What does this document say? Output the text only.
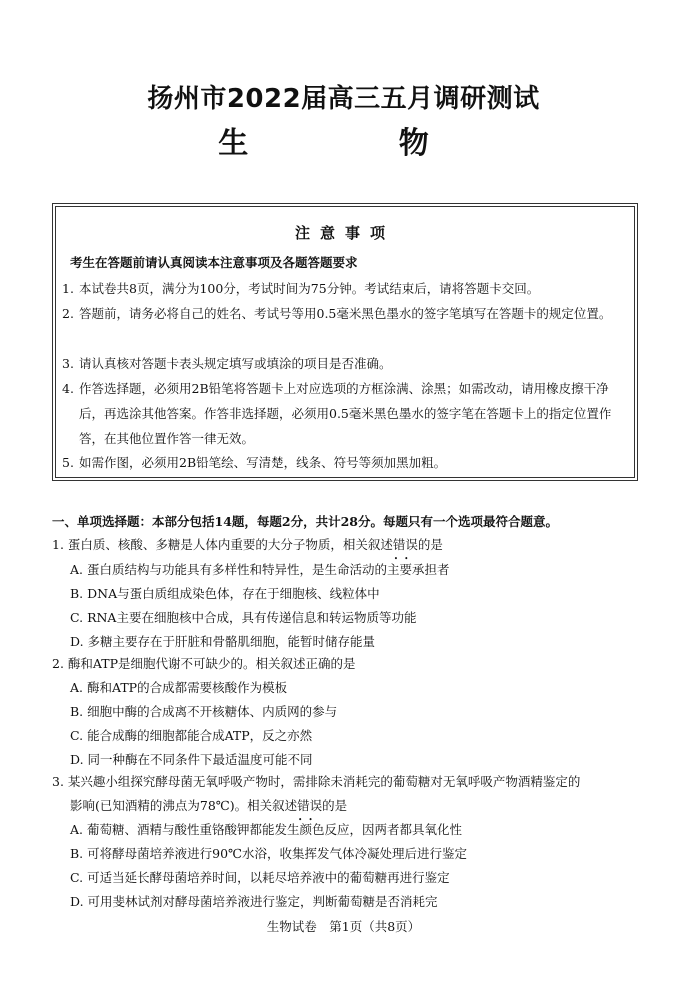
扬州市2022届高三五月调研测试
生 物
注意事项
考生在答题前请认真阅读本注意事项及各题答题要求
1. 本试卷共8页，满分为100分，考试时间为75分钟。考试结束后，请将答题卡交回。
2. 答题前，请务必将自己的姓名、考试号等用0.5毫米黑色墨水的签字笔填写在答题卡的规定位置。
3. 请认真核对答题卡表头规定填写或填涂的项目是否准确。
4. 作答选择题，必须用2B铅笔将答题卡上对应选项的方框涂满、涂黑；如需改动，请用橡皮擦干净后，再选涂其他答案。作答非选择题，必须用0.5毫米黑色墨水的签字笔在答题卡上的指定位置作答，在其他位置作答一律无效。
5. 如需作图，必须用2B铅笔绘、写清楚，线条、符号等须加黑加粗。
一、单项选择题：本部分包括14题，每题2分，共计28分。每题只有一个选项最符合题意。
1. 蛋白质、核酸、多糖是人体内重要的大分子物质，相关叙述错误 • •的是
A. 蛋白质结构与功能具有多样性和特异性，是生命活动的主要承担者
B. DNA与蛋白质组成染色体，存在于细胞核、线粒体中
C. RNA主要在细胞核中合成，具有传递信息和转运物质等功能
D. 多糖主要存在于肝脏和骨骼肌细胞，能暂时储存能量
2. 酶和ATP是细胞代谢不可缺少的。相关叙述正确的是
A. 酶和ATP的合成都需要核酸作为模板
B. 细胞中酶的合成离不开核糖体、内质网的参与
C. 能合成酶的细胞都能合成ATP，反之亦然
D. 同一种酶在不同条件下最适温度可能不同
3. 某兴趣小组探究酵母菌无氧呼吸产物时，需排除未消耗完的葡萄糖对无氧呼吸产物酒精鉴定的
影响(已知酒精的沸点为78℃)。相关叙述错误 • •的是
A. 葡萄糖、酒精与酸性重铬酸钾都能发生颜色反应，因两者都具氧化性
B. 可将酵母菌培养液进行90℃水浴，收集挥发气体冷凝处理后进行鉴定
C. 可适当延长酵母菌培养时间，以耗尽培养液中的葡萄糖再进行鉴定
D. 可用斐林试剂对酵母菌培养液进行鉴定，判断葡萄糖是否消耗完
生物试卷　第1页（共8页）
